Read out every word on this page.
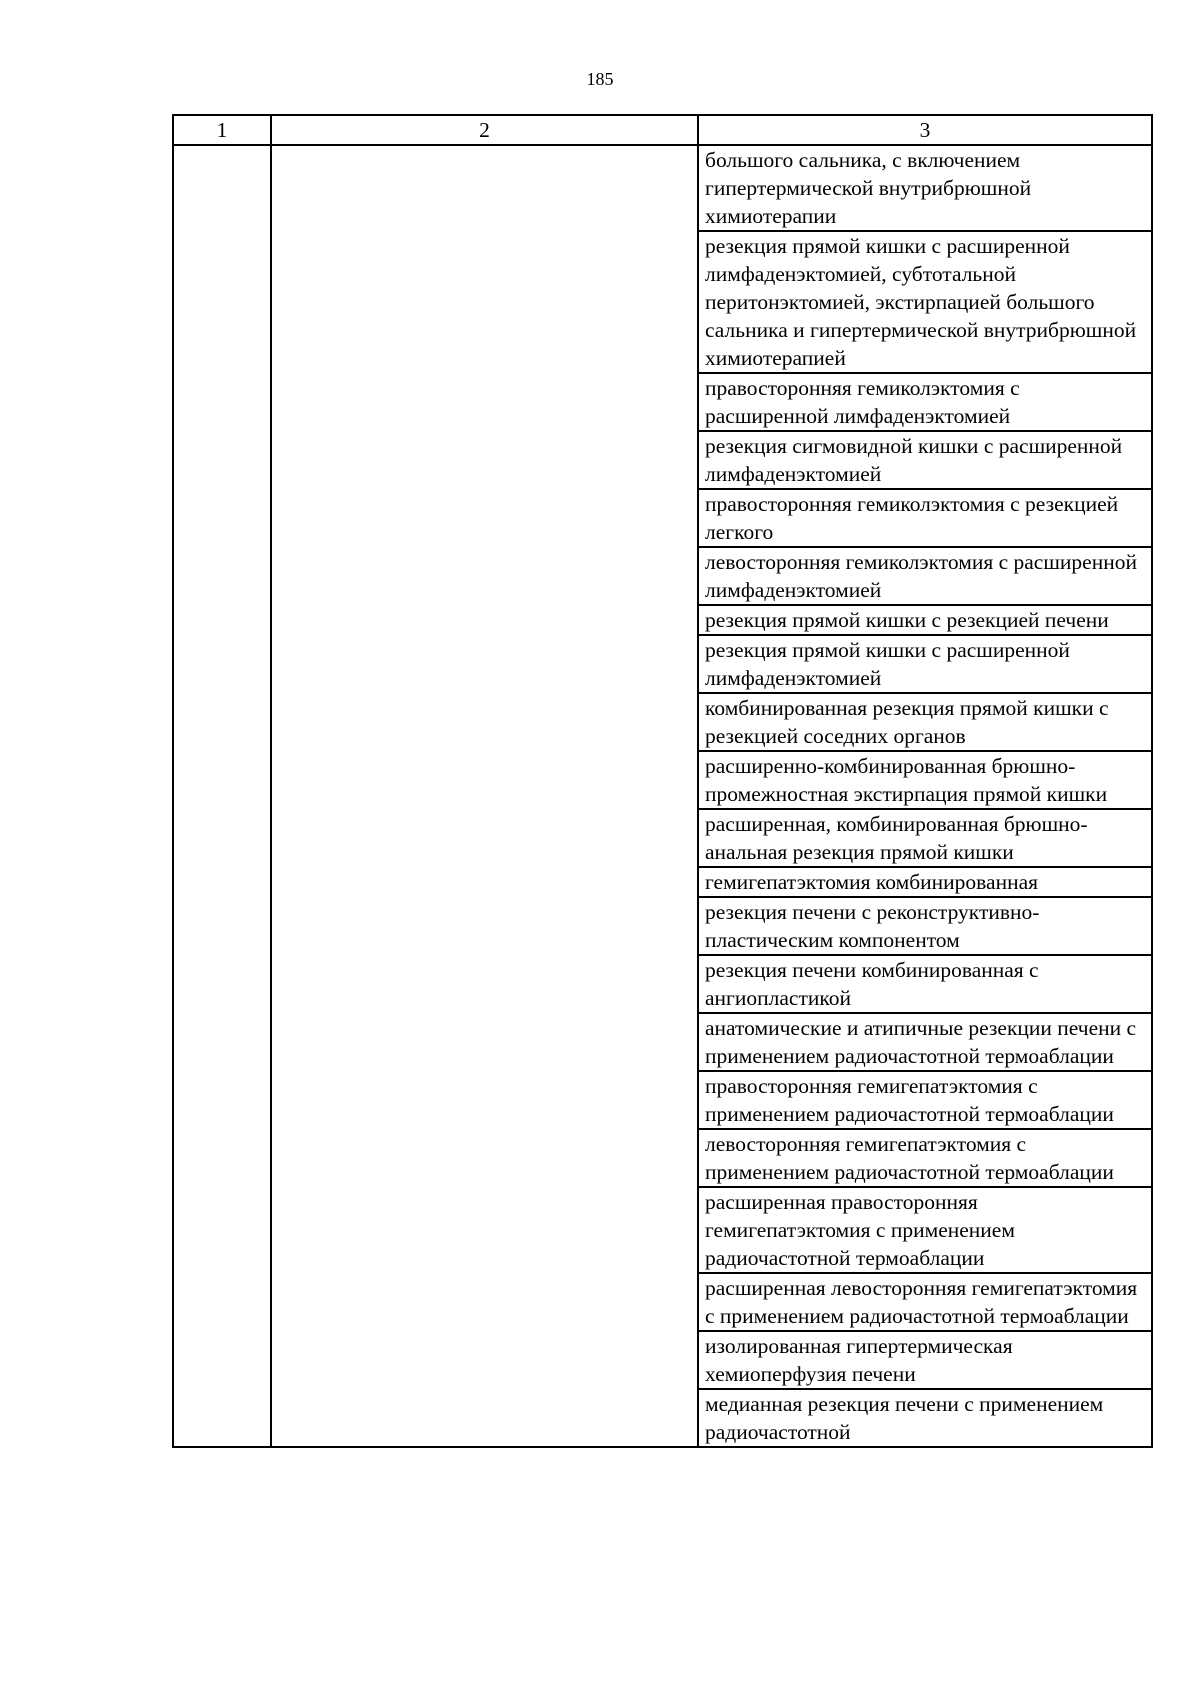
185
1	2	3
		большого сальника, с включением гипертермической внутрибрюшной химиотерапии
		резекция прямой кишки с расширенной лимфаденэктомией, субтотальной перитонэктомией, экстирпацией большого сальника и гипертермической внутрибрюшной химиотерапией
		правосторонняя гемиколэктомия с расширенной лимфаденэктомией
		резекция сигмовидной кишки с расширенной лимфаденэктомией
		правосторонняя гемиколэктомия с резекцией легкого
		левосторонняя гемиколэктомия с расширенной лимфаденэктомией
		резекция прямой кишки с резекцией печени
		резекция прямой кишки с расширенной лимфаденэктомией
		комбинированная резекция прямой кишки с резекцией соседних органов
		расширенно-комбинированная брюшно-промежностная экстирпация прямой кишки
		расширенная, комбинированная брюшно-анальная резекция прямой кишки
		гемигепатэктомия комбинированная
		резекция печени с реконструктивно-пластическим компонентом
		резекция печени комбинированная с ангиопластикой
		анатомические и атипичные резекции печени с применением радиочастотной термоаблации
		правосторонняя гемигепатэктомия с применением радиочастотной термоаблации
		левосторонняя гемигепатэктомия с применением радиочастотной термоаблации
		расширенная правосторонняя гемигепатэктомия с применением радиочастотной термоаблации
		расширенная левосторонняя гемигепатэктомия с применением радиочастотной термоаблации
		изолированная гипертермическая хемиоперфузия печени
		медианная резекция печени с применением радиочастотной
